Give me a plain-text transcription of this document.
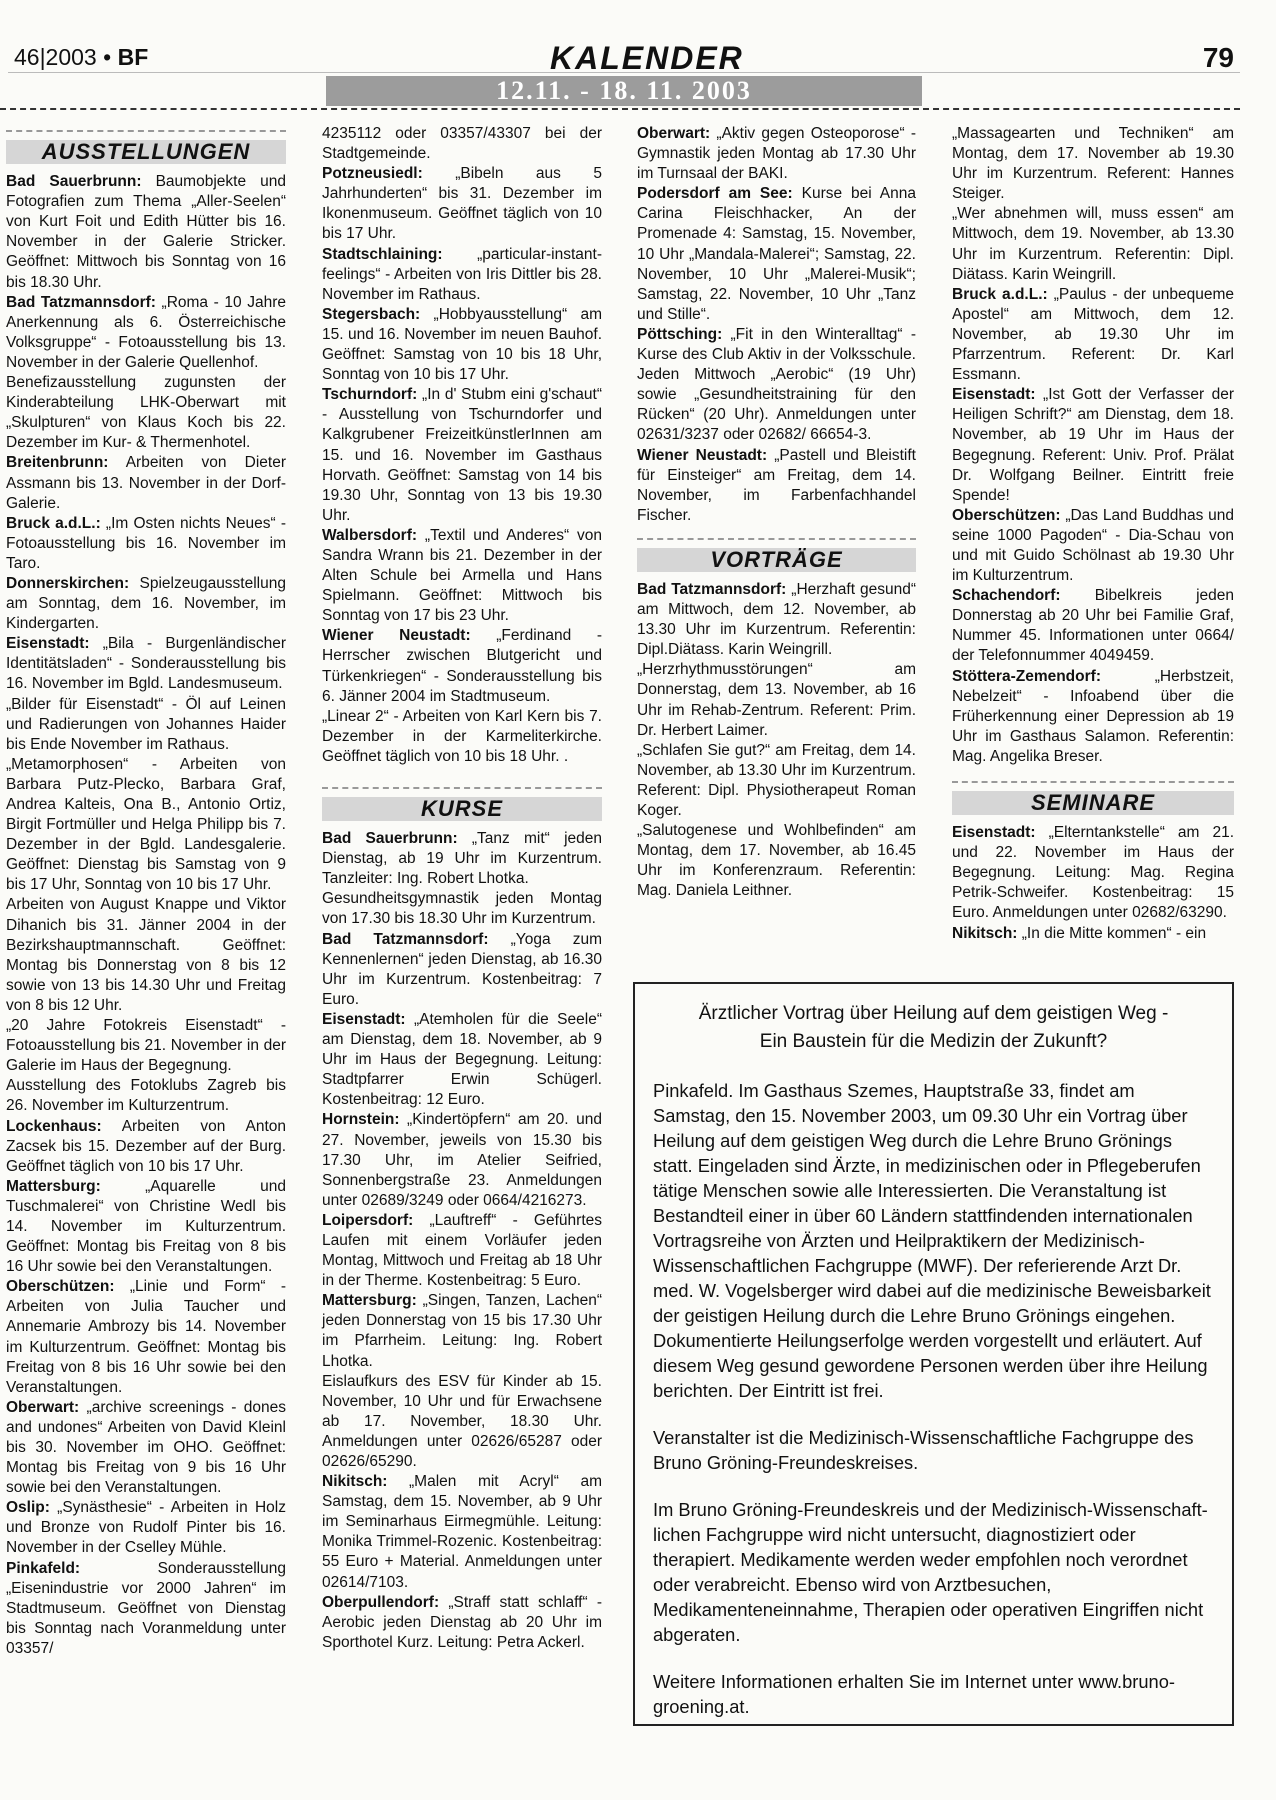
46|2003 • BF	KALENDER	79
12.11. - 18. 11. 2003
AUSSTELLUNGEN
Bad Sauerbrunn: Baumobjekte und Fotografien zum Thema „Aller-Seelen“ von Kurt Foit und Edith Hütter bis 16. November in der Galerie Stricker. Geöffnet: Mittwoch bis Sonntag von 16 bis 18.30 Uhr.
Bad Tatzmannsdorf: „Roma - 10 Jahre Anerkennung als 6. Österreichische Volksgruppe“ - Fotoausstellung bis 13. November in der Galerie Quellenhof.
Benefizausstellung zugunsten der Kinderabteilung LHK-Oberwart mit „Skulpturen“ von Klaus Koch bis 22. Dezember im Kur- & Thermenhotel.
Breitenbrunn: Arbeiten von Dieter Assmann bis 13. November in der Dorf-Galerie.
Bruck a.d.L.: „Im Osten nichts Neues“ - Fotoausstellung bis 16. November im Taro.
Donnerskirchen: Spielzeugausstellung am Sonntag, dem 16. November, im Kindergarten.
Eisenstadt: „Bila - Burgenländischer Identitätsladen“ - Sonderausstellung bis 16. November im Bgld. Landesmuseum.
„Bilder für Eisenstadt“ - Öl auf Leinen und Radierungen von Johannes Haider bis Ende November im Rathaus.
„Metamorphosen“ - Arbeiten von Barbara Putz-Plecko, Barbara Graf, Andrea Kalteis, Ona B., Antonio Ortiz, Birgit Fortmüller und Helga Philipp bis 7. Dezember in der Bgld. Landesgalerie. Geöffnet: Dienstag bis Samstag von 9 bis 17 Uhr, Sonntag von 10 bis 17 Uhr.
Arbeiten von August Knappe und Viktor Dihanich bis 31. Jänner 2004 in der Bezirkshauptmannschaft. Geöffnet: Montag bis Donnerstag von 8 bis 12 sowie von 13 bis 14.30 Uhr und Freitag von 8 bis 12 Uhr.
„20 Jahre Fotokreis Eisenstadt“ - Fotoausstellung bis 21. November in der Galerie im Haus der Begegnung.
Ausstellung des Fotoklubs Zagreb bis 26. November im Kulturzentrum.
Lockenhaus: Arbeiten von Anton Zacsek bis 15. Dezember auf der Burg. Geöffnet täglich von 10 bis 17 Uhr.
Mattersburg: „Aquarelle und Tuschmalerei“ von Christine Wedl bis 14. November im Kulturzentrum. Geöffnet: Montag bis Freitag von 8 bis 16 Uhr sowie bei den Veranstaltungen.
Oberschützen: „Linie und Form“ - Arbeiten von Julia Taucher und Annemarie Ambrozy bis 14. November im Kulturzentrum. Geöffnet: Montag bis Freitag von 8 bis 16 Uhr sowie bei den Veranstaltungen.
Oberwart: „archive screenings - dones and undones“ Arbeiten von David Kleinl bis 30. November im OHO. Geöffnet: Montag bis Freitag von 9 bis 16 Uhr sowie bei den Veranstaltungen.
Oslip: „Synästhesie“ - Arbeiten in Holz und Bronze von Rudolf Pinter bis 16. November in der Cselley Mühle.
Pinkafeld: Sonderausstellung „Eisenindustrie vor 2000 Jahren“ im Stadtmuseum. Geöffnet von Dienstag bis Sonntag nach Voranmeldung unter 03357/
4235112 oder 03357/43307 bei der Stadtgemeinde.
Potzneusiedl: „Bibeln aus 5 Jahrhunderten“ bis 31. Dezember im Ikonenmuseum. Geöffnet täglich von 10 bis 17 Uhr.
Stadtschlaining: „particular-instant-feelings“ - Arbeiten von Iris Dittler bis 28. November im Rathaus.
Stegersbach: „Hobbyausstellung“ am 15. und 16. November im neuen Bauhof. Geöffnet: Samstag von 10 bis 18 Uhr, Sonntag von 10 bis 17 Uhr.
Tschurndorf: „In d' Stubm eini g'schaut“ - Ausstellung von Tschurndorfer und Kalkgrubener FreizeitkünstlerInnen am 15. und 16. November im Gasthaus Horvath. Geöffnet: Samstag von 14 bis 19.30 Uhr, Sonntag von 13 bis 19.30 Uhr.
Walbersdorf: „Textil und Anderes“ von Sandra Wrann bis 21. Dezember in der Alten Schule bei Armella und Hans Spielmann. Geöffnet: Mittwoch bis Sonntag von 17 bis 23 Uhr.
Wiener Neustadt: „Ferdinand - Herrscher zwischen Blutgericht und Türkenkriegen“ - Sonderausstellung bis 6. Jänner 2004 im Stadtmuseum.
„Linear 2“ - Arbeiten von Karl Kern bis 7. Dezember in der Karmeliterkirche. Geöffnet täglich von 10 bis 18 Uhr. .
KURSE
Bad Sauerbrunn: „Tanz mit“ jeden Dienstag, ab 19 Uhr im Kurzentrum. Tanzleiter: Ing. Robert Lhotka.
Gesundheitsgymnastik jeden Montag von 17.30 bis 18.30 Uhr im Kurzentrum.
Bad Tatzmannsdorf: „Yoga zum Kennenlernen“ jeden Dienstag, ab 16.30 Uhr im Kurzentrum. Kostenbeitrag: 7 Euro.
Eisenstadt: „Atemholen für die Seele“ am Dienstag, dem 18. November, ab 9 Uhr im Haus der Begegnung. Leitung: Stadtpfarrer Erwin Schügerl. Kostenbeitrag: 12 Euro.
Hornstein: „Kindertöpfern“ am 20. und 27. November, jeweils von 15.30 bis 17.30 Uhr, im Atelier Seifried, Sonnenbergstraße 23. Anmeldungen unter 02689/3249 oder 0664/4216273.
Loipersdorf: „Lauftreff“ - Geführtes Laufen mit einem Vorläufer jeden Montag, Mittwoch und Freitag ab 18 Uhr in der Therme. Kostenbeitrag: 5 Euro.
Mattersburg: „Singen, Tanzen, Lachen“ jeden Donnerstag von 15 bis 17.30 Uhr im Pfarrheim. Leitung: Ing. Robert Lhotka.
Eislaufkurs des ESV für Kinder ab 15. November, 10 Uhr und für Erwachsene ab 17. November, 18.30 Uhr. Anmeldungen unter 02626/65287 oder 02626/65290.
Nikitsch: „Malen mit Acryl“ am Samstag, dem 15. November, ab 9 Uhr im Seminarhaus Eirmegmühle. Leitung: Monika Trimmel-Rozenic. Kostenbeitrag: 55 Euro + Material. Anmeldungen unter 02614/7103.
Oberpullendorf: „Straff statt schlaff“ - Aerobic jeden Dienstag ab 20 Uhr im Sporthotel Kurz. Leitung: Petra Ackerl.
Oberwart: „Aktiv gegen Osteoporose“ - Gymnastik jeden Montag ab 17.30 Uhr im Turnsaal der BAKI.
Podersdorf am See: Kurse bei Anna Carina Fleischhacker, An der Promenade 4: Samstag, 15. November, 10 Uhr „Mandala-Malerei“; Samstag, 22. November, 10 Uhr „Malerei-Musik“; Samstag, 22. November, 10 Uhr „Tanz und Stille“.
Pöttsching: „Fit in den Winteralltag“ - Kurse des Club Aktiv in der Volksschule. Jeden Mittwoch „Aerobic“ (19 Uhr) sowie „Gesundheitstraining für den Rücken“ (20 Uhr). Anmeldungen unter 02631/3237 oder 02682/ 66654-3.
Wiener Neustadt: „Pastell und Bleistift für Einsteiger“ am Freitag, dem 14. November, im Farbenfachhandel Fischer.
VORTRÄGE
Bad Tatzmannsdorf: „Herzhaft gesund“ am Mittwoch, dem 12. November, ab 13.30 Uhr im Kurzentrum. Referentin: Dipl.Diätass. Karin Weingrill.
„Herzrhythmusstörungen“ am Donnerstag, dem 13. November, ab 16 Uhr im Rehab-Zentrum. Referent: Prim. Dr. Herbert Laimer.
„Schlafen Sie gut?“ am Freitag, dem 14. November, ab 13.30 Uhr im Kurzentrum. Referent: Dipl. Physiotherapeut Roman Koger.
„Salutogenese und Wohlbefinden“ am Montag, dem 17. November, ab 16.45 Uhr im Konferenzraum. Referentin: Mag. Daniela Leithner.
„Massagearten und Techniken“ am Montag, dem 17. November ab 19.30 Uhr im Kurzentrum. Referent: Hannes Steiger.
„Wer abnehmen will, muss essen“ am Mittwoch, dem 19. November, ab 13.30 Uhr im Kurzentrum. Referentin: Dipl. Diätass. Karin Weingrill.
Bruck a.d.L.: „Paulus - der unbequeme Apostel“ am Mittwoch, dem 12. November, ab 19.30 Uhr im Pfarrzentrum. Referent: Dr. Karl Essmann.
Eisenstadt: „Ist Gott der Verfasser der Heiligen Schrift?“ am Dienstag, dem 18. November, ab 19 Uhr im Haus der Begegnung. Referent: Univ. Prof. Prälat Dr. Wolfgang Beilner. Eintritt freie Spende!
Oberschützen: „Das Land Buddhas und seine 1000 Pagoden“ - Dia-Schau von und mit Guido Schölnast ab 19.30 Uhr im Kulturzentrum.
Schachendorf: Bibelkreis jeden Donnerstag ab 20 Uhr bei Familie Graf, Nummer 45. Informationen unter 0664/ der Telefonnummer 4049459.
Stöttera-Zemendorf: „Herbstzeit, Nebelzeit“ - Infoabend über die Früherkennung einer Depression ab 19 Uhr im Gasthaus Salamon. Referentin: Mag. Angelika Breser.
SEMINARE
Eisenstadt: „Elterntankstelle“ am 21. und 22. November im Haus der Begegnung. Leitung: Mag. Regina Petrik-Schweifer. Kostenbeitrag: 15 Euro. Anmeldungen unter 02682/63290.
Nikitsch: „In die Mitte kommen“ - ein
Ärztlicher Vortrag über Heilung auf dem geistigen Weg -
Ein Baustein für die Medizin der Zukunft?

Pinkafeld. Im Gasthaus Szemes, Hauptstraße 33, findet am Samstag, den 15. November 2003, um 09.30 Uhr ein Vortrag über Heilung auf dem geistigen Weg durch die Lehre Bruno Grönings statt. Eingeladen sind Ärzte, in medizinischen oder in Pflegeberufen tätige Menschen sowie alle Interessierten. Die Veranstaltung ist Bestandteil einer in über 60 Ländern stattfindenden internationalen Vortragsreihe von Ärzten und Heilpraktikern der Medizinisch-Wissenschaftlichen Fachgruppe (MWF). Der referierende Arzt Dr. med. W. Vogelsberger wird dabei auf die medizinische Beweisbarkeit der geistigen Heilung durch die Lehre Bruno Grönings eingehen. Dokumentierte Heilungserfolge werden vorgestellt und erläutert. Auf diesem Weg gesund gewordene Personen werden über ihre Heilung berichten. Der Eintritt ist frei.

Veranstalter ist die Medizinisch-Wissenschaftliche Fachgruppe des Bruno Gröning-Freundeskreises.

Im Bruno Gröning-Freundeskreis und der Medizinisch-Wissenschaft-lichen Fachgruppe wird nicht untersucht, diagnostiziert oder therapiert. Medikamente werden weder empfohlen noch verordnet oder verabreicht. Ebenso wird von Arztbesuchen, Medikamenteneinnahme, Therapien oder operativen Eingriffen nicht abgeraten.

Weitere Informationen erhalten Sie im Internet unter www.bruno-groening.at.
